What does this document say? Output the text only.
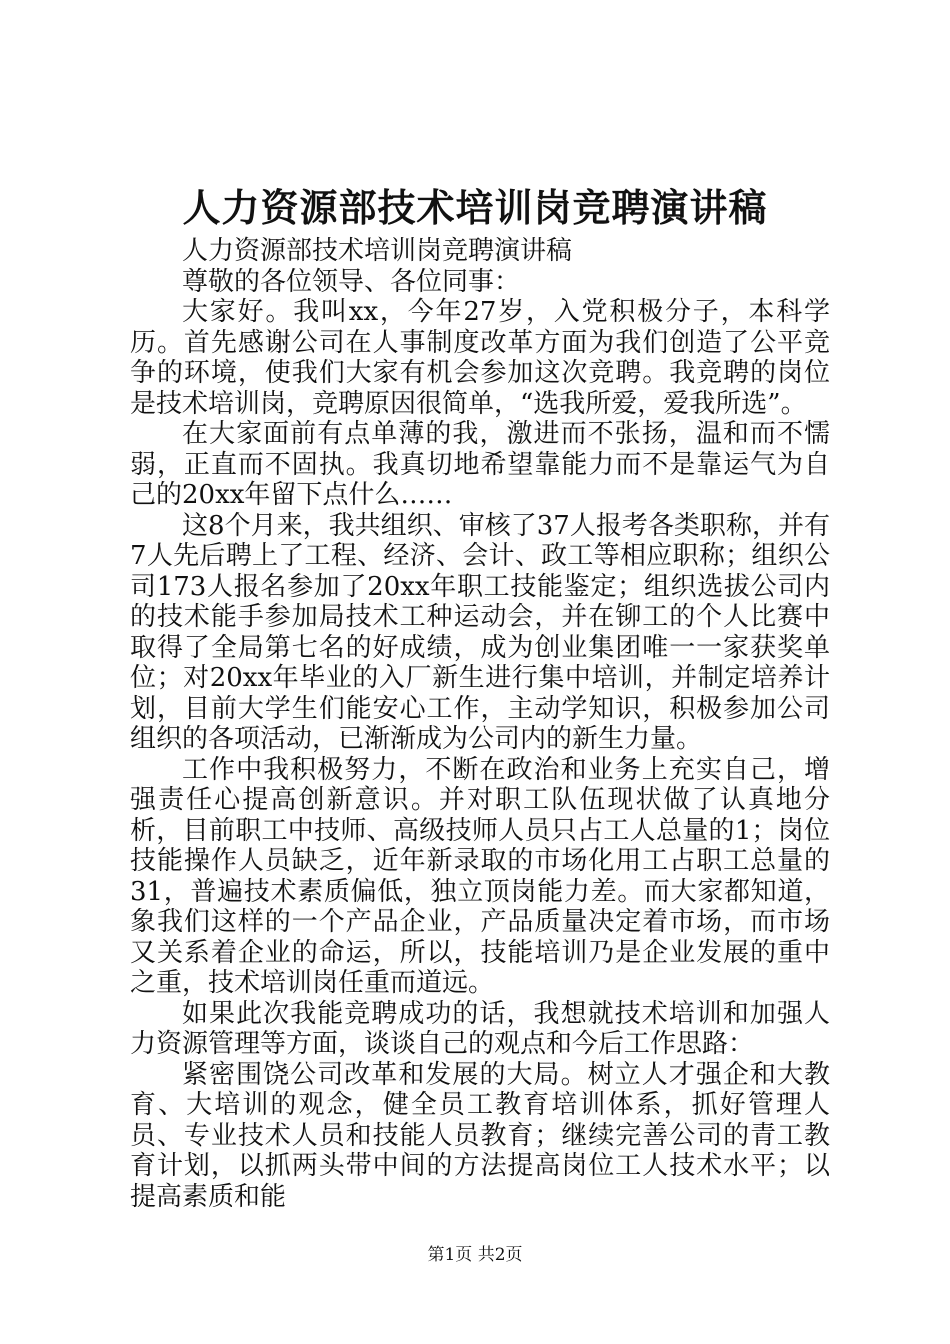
人力资源部技术培训岗竞聘演讲稿

人力资源部技术培训岗竞聘演讲稿

尊敬的各位领导、各位同事：

大家好。我叫xx，今年27岁，入党积极分子，本科学历。首先感谢公司在人事制度改革方面为我们创造了公平竞争的环境，使我们大家有机会参加这次竞聘。我竞聘的岗位是技术培训岗，竞聘原因很简单，“选我所爱，爱我所选”。

在大家面前有点单薄的我，激进而不张扬，温和而不懦弱，正直而不固执。我真切地希望靠能力而不是靠运气为自己的20xx年留下点什么……

这8个月来，我共组织、审核了37人报考各类职称，并有7人先后聘上了工程、经济、会计、政工等相应职称；组织公司173人报名参加了20xx年职工技能鉴定；组织选拔公司内的技术能手参加局技术工种运动会，并在铆工的个人比赛中取得了全局第七名的好成绩，成为创业集团唯一一家获奖单位；对20xx年毕业的入厂新生进行集中培训，并制定培养计划，目前大学生们能安心工作，主动学知识，积极参加公司组织的各项活动，已渐渐成为公司内的新生力量。

工作中我积极努力，不断在政治和业务上充实自己，增强责任心提高创新意识。并对职工队伍现状做了认真地分析，目前职工中技师、高级技师人员只占工人总量的1；岗位技能操作人员缺乏，近年新录取的市场化用工占职工总量的31，普遍技术素质偏低，独立顶岗能力差。而大家都知道，象我们这样的一个产品企业，产品质量决定着市场，而市场又关系着企业的命运，所以，技能培训乃是企业发展的重中之重，技术培训岗任重而道远。

如果此次我能竞聘成功的话，我想就技术培训和加强人力资源管理等方面，谈谈自己的观点和今后工作思路：

紧密围饶公司改革和发展的大局。树立人才强企和大教育、大培训的观念，健全员工教育培训体系，抓好管理人员、专业技术人员和技能人员教育；继续完善公司的青工教育计划，以抓两头带中间的方法提高岗位工人技术水平；以提高素质和能

第1页 共2页
